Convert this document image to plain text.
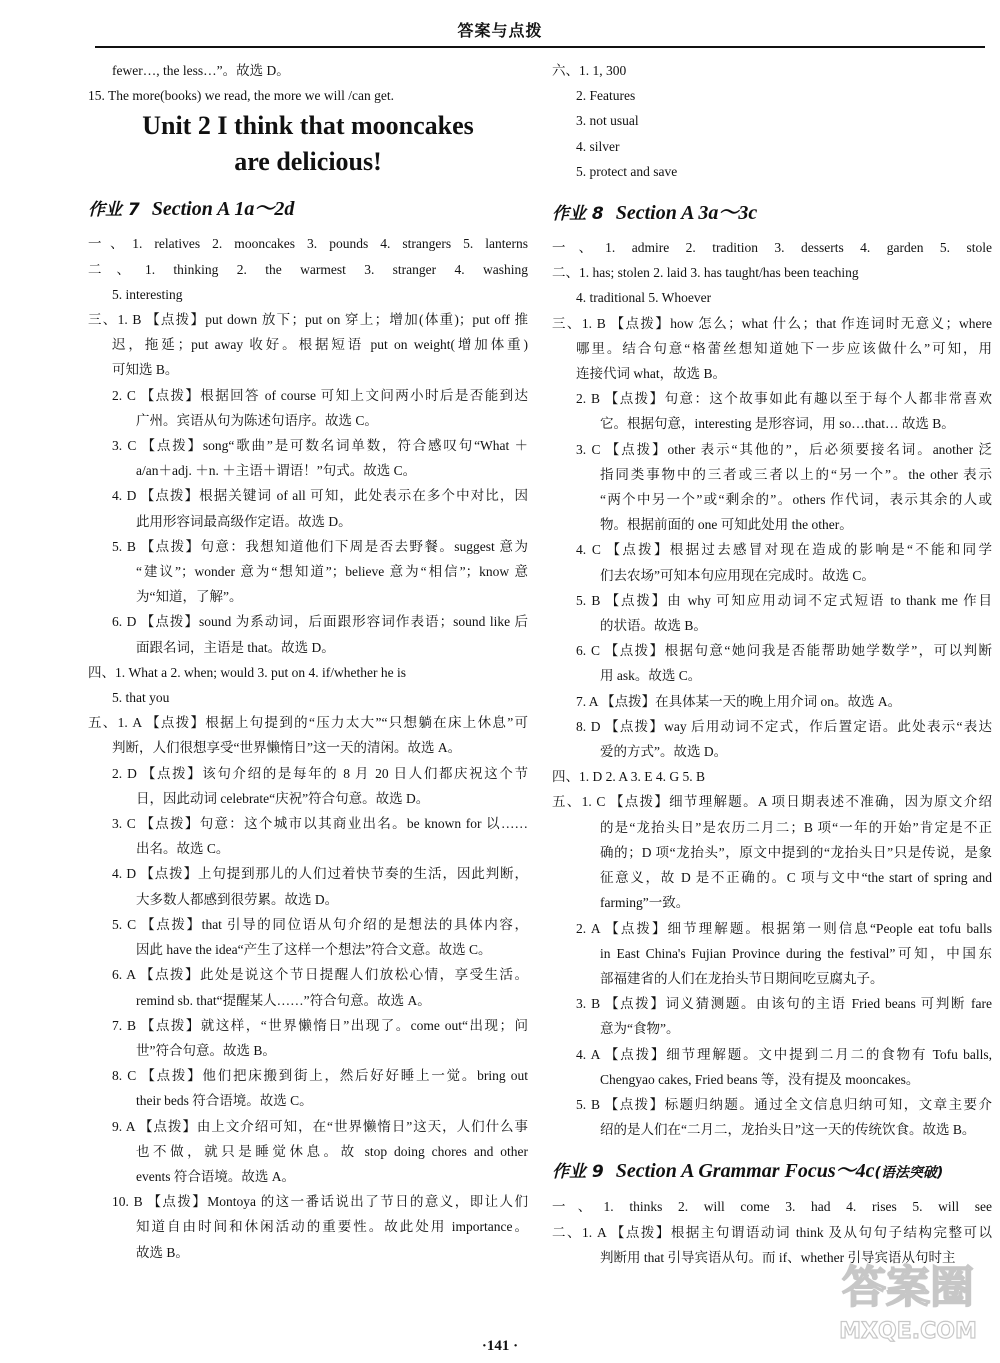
答案与点拨
fewer…, the less…”。故选 D。
15. The more(books) we read, the more we will /can get.
Unit 2 I think that mooncakes
are delicious!
作业 7 Section A 1a～2d
一、1. relatives 2. mooncakes 3. pounds 4. strangers 5. lanterns
二、1. thinking 2. the warmest 3. stranger 4. washing
5. interesting
三、1. B 【点拨】put down 放下；put on 穿上；增加(体重)；put off 推
迟，拖延；put away 收好。根据短语 put on weight(增加体重)
可知选 B。
2. C 【点拨】根据回答 of course 可知上文问两小时后是否能到达
广州。宾语从句为陈述句语序。故选 C。
3. C 【点拨】song“歌曲”是可数名词单数，符合感叹句“What ＋
a/an＋adj. ＋n. ＋主语＋谓语！”句式。故选 C。
4. D 【点拨】根据关键词 of all 可知，此处表示在多个中对比，因
此用形容词最高级作定语。故选 D。
5. B 【点拨】句意：我想知道他们下周是否去野餐。suggest 意为
“建议”；wonder 意为“想知道”；believe 意为“相信”；know 意
为“知道，了解”。
6. D 【点拨】sound 为系动词，后面跟形容词作表语；sound like 后
面跟名词，主语是 that。故选 D。
四、1. What a 2. when; would 3. put on 4. if/whether he is
5. that you
五、1. A 【点拨】根据上句提到的“压力太大”“只想躺在床上休息”可
判断，人们很想享受“世界懒惰日”这一天的清闲。故选 A。
2. D 【点拨】该句介绍的是每年的 8 月 20 日人们都庆祝这个节
日，因此动词 celebrate“庆祝”符合句意。故选 D。
3. C 【点拨】句意：这个城市以其商业出名。be known for 以……
出名。故选 C。
4. D 【点拨】上句提到那儿的人们过着快节奏的生活，因此判断，
大多数人都感到很劳累。故选 D。
5. C 【点拨】that 引导的同位语从句介绍的是想法的具体内容，
因此 have the idea“产生了这样一个想法”符合文意。故选 C。
6. A 【点拨】此处是说这个节日提醒人们放松心情，享受生活。
remind sb. that“提醒某人……”符合句意。故选 A。
7. B 【点拨】就这样，“世界懒惰日”出现了。come out“出现；问
世”符合句意。故选 B。
8. C 【点拨】他们把床搬到街上，然后好好睡上一觉。bring out
their beds 符合语境。故选 C。
9. A 【点拨】由上文介绍可知，在“世界懒惰日”这天，人们什么事
也不做，就只是睡觉休息。故 stop doing chores and other
events 符合语境。故选 A。
10. B 【点拨】Montoya 的这一番话说出了节日的意义，即让人们
知道自由时间和休闲活动的重要性。故此处用 importance。
故选 B。
六、1. 1, 300
2. Features
3. not usual
4. silver
5. protect and save
作业 8 Section A 3a～3c
一、1. admire 2. tradition 3. desserts 4. garden 5. stole
二、1. has; stolen 2. laid 3. has taught/has been teaching
4. traditional 5. Whoever
三、1. B 【点拨】how 怎么；what 什么；that 作连词时无意义；where
哪里。结合句意“格蕾丝想知道她下一步应该做什么”可知，用
连接代词 what，故选 B。
2. B 【点拨】句意：这个故事如此有趣以至于每个人都非常喜欢
它。根据句意，interesting 是形容词，用 so…that… 故选 B。
3. C 【点拨】other 表示“其他的”，后必须要接名词。another 泛
指同类事物中的三者或三者以上的“另一个”。the other 表示
“两个中另一个”或“剩余的”。others 作代词，表示其余的人或
物。根据前面的 one 可知此处用 the other。
4. C 【点拨】根据过去感冒对现在造成的影响是“不能和同学
们去农场”可知本句应用现在完成时。故选 C。
5. B 【点拨】由 why 可知应用动词不定式短语 to thank me 作目
的状语。故选 B。
6. C 【点拨】根据句意“她问我是否能帮助她学数学”，可以判断
用 ask。故选 C。
7. A 【点拨】在具体某一天的晚上用介词 on。故选 A。
8. D 【点拨】way 后用动词不定式，作后置定语。此处表示“表达
爱的方式”。故选 D。
四、1. D 2. A 3. E 4. G 5. B
五、1. C 【点拨】细节理解题。A 项日期表述不准确，因为原文介绍
的是“龙抬头日”是农历二月二；B 项“一年的开始”肯定是不正
确的；D 项“龙抬头”，原文中提到的“龙抬头日”只是传说，是象
征意义，故 D 是不正确的。C 项与文中“the start of spring and
farming”一致。
2. A 【点拨】细节理解题。根据第一则信息“People eat tofu balls
in East China's Fujian Province during the festival”可知，中国东
部福建省的人们在龙抬头节日期间吃豆腐丸子。
3. B 【点拨】词义猜测题。由该句的主语 Fried beans 可判断 fare
意为“食物”。
4. A 【点拨】细节理解题。文中提到二月二的食物有 Tofu balls,
Chengyao cakes, Fried beans 等，没有提及 mooncakes。
5. B 【点拨】标题归纳题。通过全文信息归纳可知，文章主要介
绍的是人们在“二月二，龙抬头日”这一天的传统饮食。故选 B。
作业 9 Section A Grammar Focus～4c(语法突破)
一、1. thinks 2. will come 3. had 4. rises 5. will see
二、1. A 【点拨】根据主句谓语动词 think 及从句句子结构完整可以
判断用 that 引导宾语从句。而 if、whether 引导宾语从句时主
·141 ·
答案圈
MXQE.COM
